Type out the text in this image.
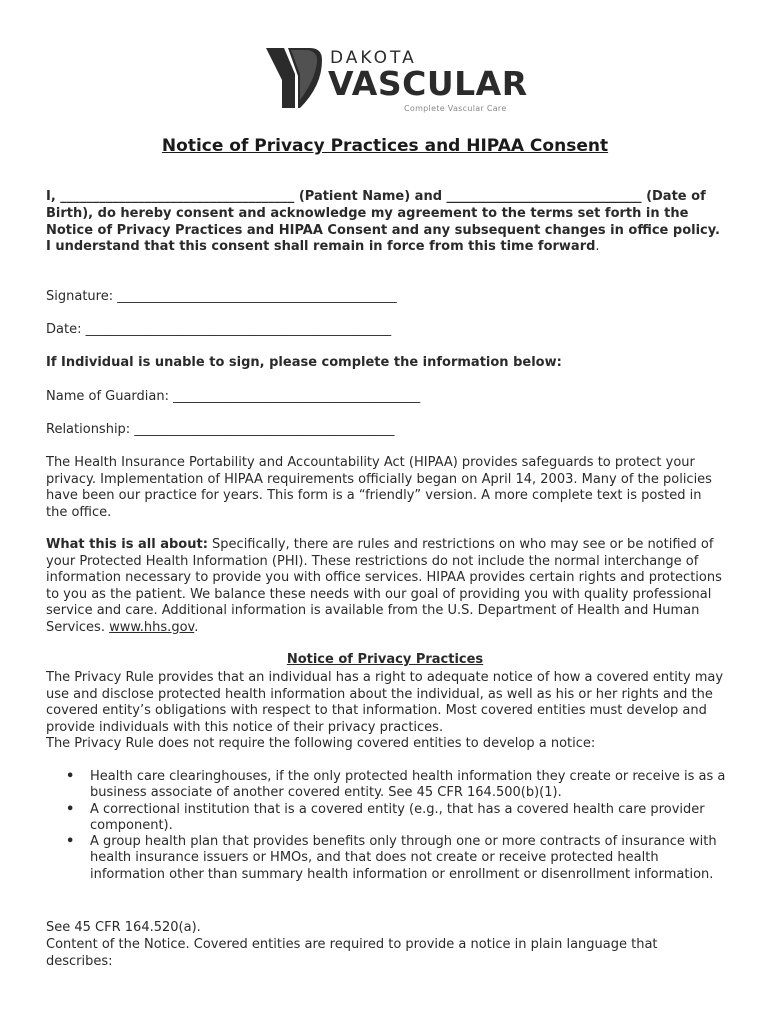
DAKOTA
VASCULAR
Complete Vascular Care
Notice of Privacy Practices and HIPAA Consent
I, ____________________________________ (Patient Name) and ______________________________ (Date of Birth), do hereby consent and acknowledge my agreement to the terms set forth in the Notice of Privacy Practices and HIPAA Consent and any subsequent changes in office policy. I understand that this consent shall remain in force from this time forward.
Signature: ___________________________________________
Date: _______________________________________________
If Individual is unable to sign, please complete the information below:
Name of Guardian: ______________________________________
Relationship: ________________________________________
The Health Insurance Portability and Accountability Act (HIPAA) provides safeguards to protect your privacy. Implementation of HIPAA requirements officially began on April 14, 2003. Many of the policies have been our practice for years. This form is a “friendly” version. A more complete text is posted in the office.
What this is all about: Specifically, there are rules and restrictions on who may see or be notified of your Protected Health Information (PHI). These restrictions do not include the normal interchange of information necessary to provide you with office services. HIPAA provides certain rights and protections to you as the patient. We balance these needs with our goal of providing you with quality professional service and care. Additional information is available from the U.S. Department of Health and Human Services. www.hhs.gov.
Notice of Privacy Practices
The Privacy Rule provides that an individual has a right to adequate notice of how a covered entity may use and disclose protected health information about the individual, as well as his or her rights and the covered entity’s obligations with respect to that information. Most covered entities must develop and provide individuals with this notice of their privacy practices.
The Privacy Rule does not require the following covered entities to develop a notice:
• Health care clearinghouses, if the only protected health information they create or receive is as a business associate of another covered entity. See 45 CFR 164.500(b)(1).
• A correctional institution that is a covered entity (e.g., that has a covered health care provider component).
• A group health plan that provides benefits only through one or more contracts of insurance with health insurance issuers or HMOs, and that does not create or receive protected health information other than summary health information or enrollment or disenrollment information.
See 45 CFR 164.520(a).
Content of the Notice. Covered entities are required to provide a notice in plain language that describes:
